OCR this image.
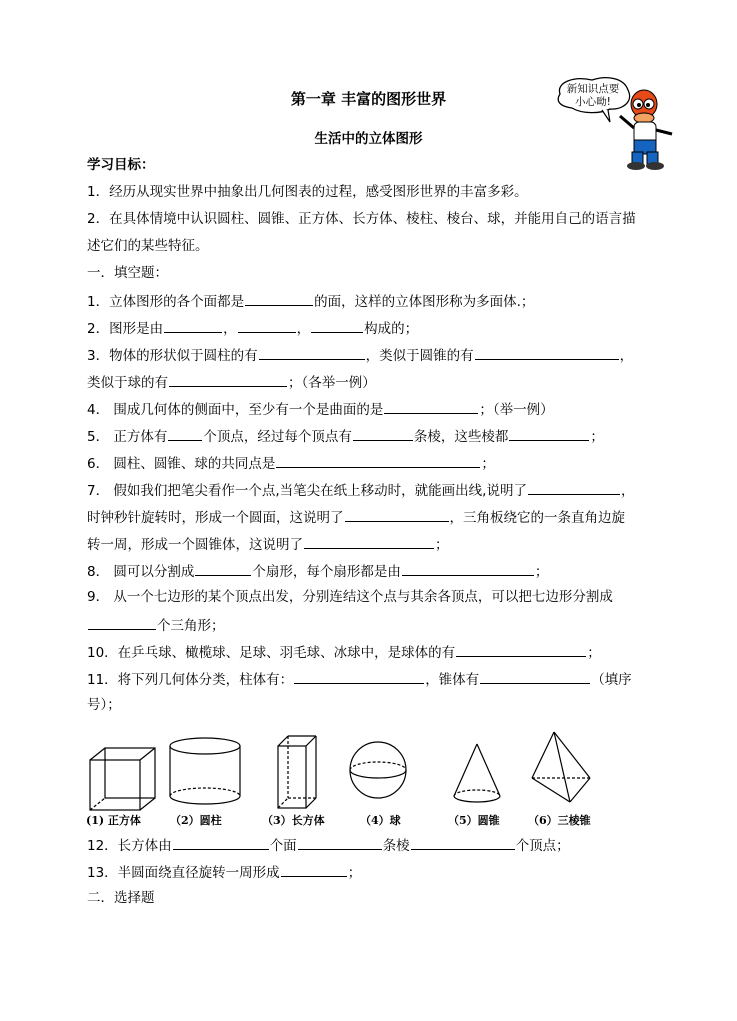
第一章 丰富的图形世界
生活中的立体图形
新知识点要
小心呦!
学习目标：
1．经历从现实世界中抽象出几何图表的过程，感受图形世界的丰富多彩。
2．在具体情境中认识圆柱、圆锥、正方体、长方体、棱柱、棱台、球，并能用自己的语言描
述它们的某些特征。
一．填空题：
1．立体图形的各个面都是	的面，这样的立体图形称为多面体.；
2．图形是由	，	，	构成的；
3．物体的形状似于圆柱的有	，类似于圆锥的有	，
类似于球的有	；（各举一例）
4． 围成几何体的侧面中，至少有一个是曲面的是	；（举一例）
5． 正方体有	个顶点，经过每个顶点有	条棱，这些棱都	；
6． 圆柱、圆锥、球的共同点是	；
7． 假如我们把笔尖看作一个点,当笔尖在纸上移动时，就能画出线,说明了	，
时钟秒针旋转时，形成一个圆面，这说明了	，三角板绕它的一条直角边旋
转一周，形成一个圆锥体，这说明了	；
8． 圆可以分割成	个扇形，每个扇形都是由	；
9． 从一个七边形的某个顶点出发，分别连结这个点与其余各顶点，可以把七边形分割成
个三角形；
10．在乒乓球、橄榄球、足球、羽毛球、冰球中，是球体的有	；
11．将下列几何体分类，柱体有：	，锥体有	（填序
号）；
(1) 正方体	（2）圆柱	（3）长方体	（4）球	（5）圆锥	（6）三棱锥
12．长方体由	个面	条棱	个顶点；
13．半圆面绕直径旋转一周形成	；
二．选择题
